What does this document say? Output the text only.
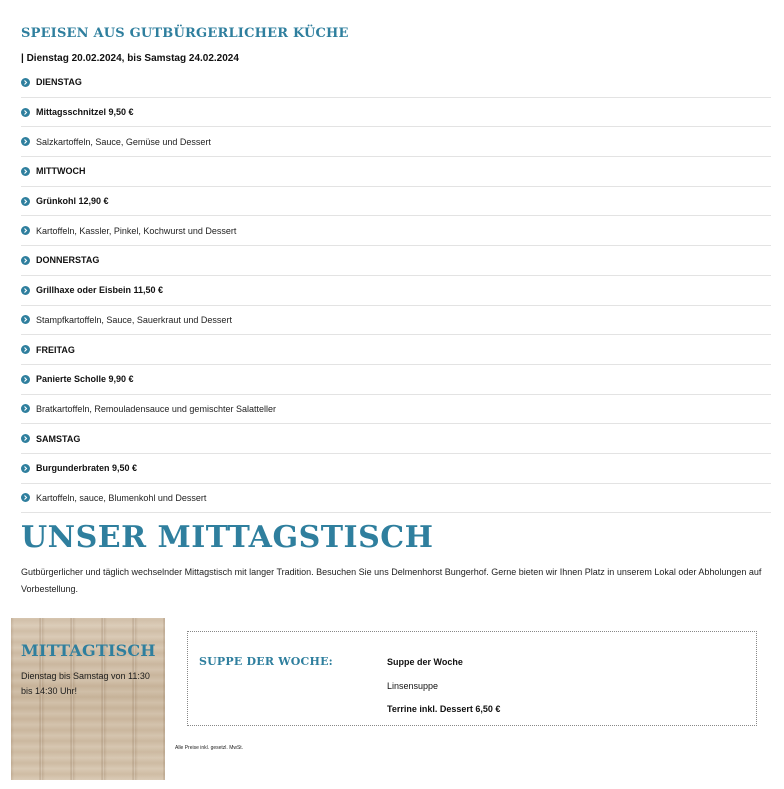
SPEISEN AUS GUTBÜRGERLICHER KÜCHE
| Dienstag 20.02.2024, bis Samstag 24.02.2024
DIENSTAG
Mittagsschnitzel 9,50 €
Salzkartoffeln, Sauce, Gemüse und Dessert
MITTWOCH
Grünkohl 12,90 €
Kartoffeln, Kassler, Pinkel, Kochwurst und Dessert
DONNERSTAG
Grillhaxe oder Eisbein 11,50 €
Stampfkartoffeln, Sauce, Sauerkraut und Dessert
FREITAG
Panierte Scholle 9,90 €
Bratkartoffeln, Remouladensauce und gemischter Salatteller
SAMSTAG
Burgunderbraten 9,50 €
Kartoffeln, sauce, Blumenkohl und Dessert
UNSER MITTAGSTISCH

Gutbürgerlicher und täglich wechselnder Mittagstisch mit langer Tradition. Besuchen Sie uns Delmenhorst Bungerhof. Gerne bieten wir Ihnen Platz in unserem Lokal oder Abholungen auf Vorbestellung.

MITTAGTISCH

Dienstag bis Samstag von 11:30 bis 14:30 Uhr!

SUPPE DER WOCHE:	Suppe der Woche
Linsensuppe
Terrine inkl. Dessert 6,50 €
Alle Preise inkl. gesetzl. MwSt.
